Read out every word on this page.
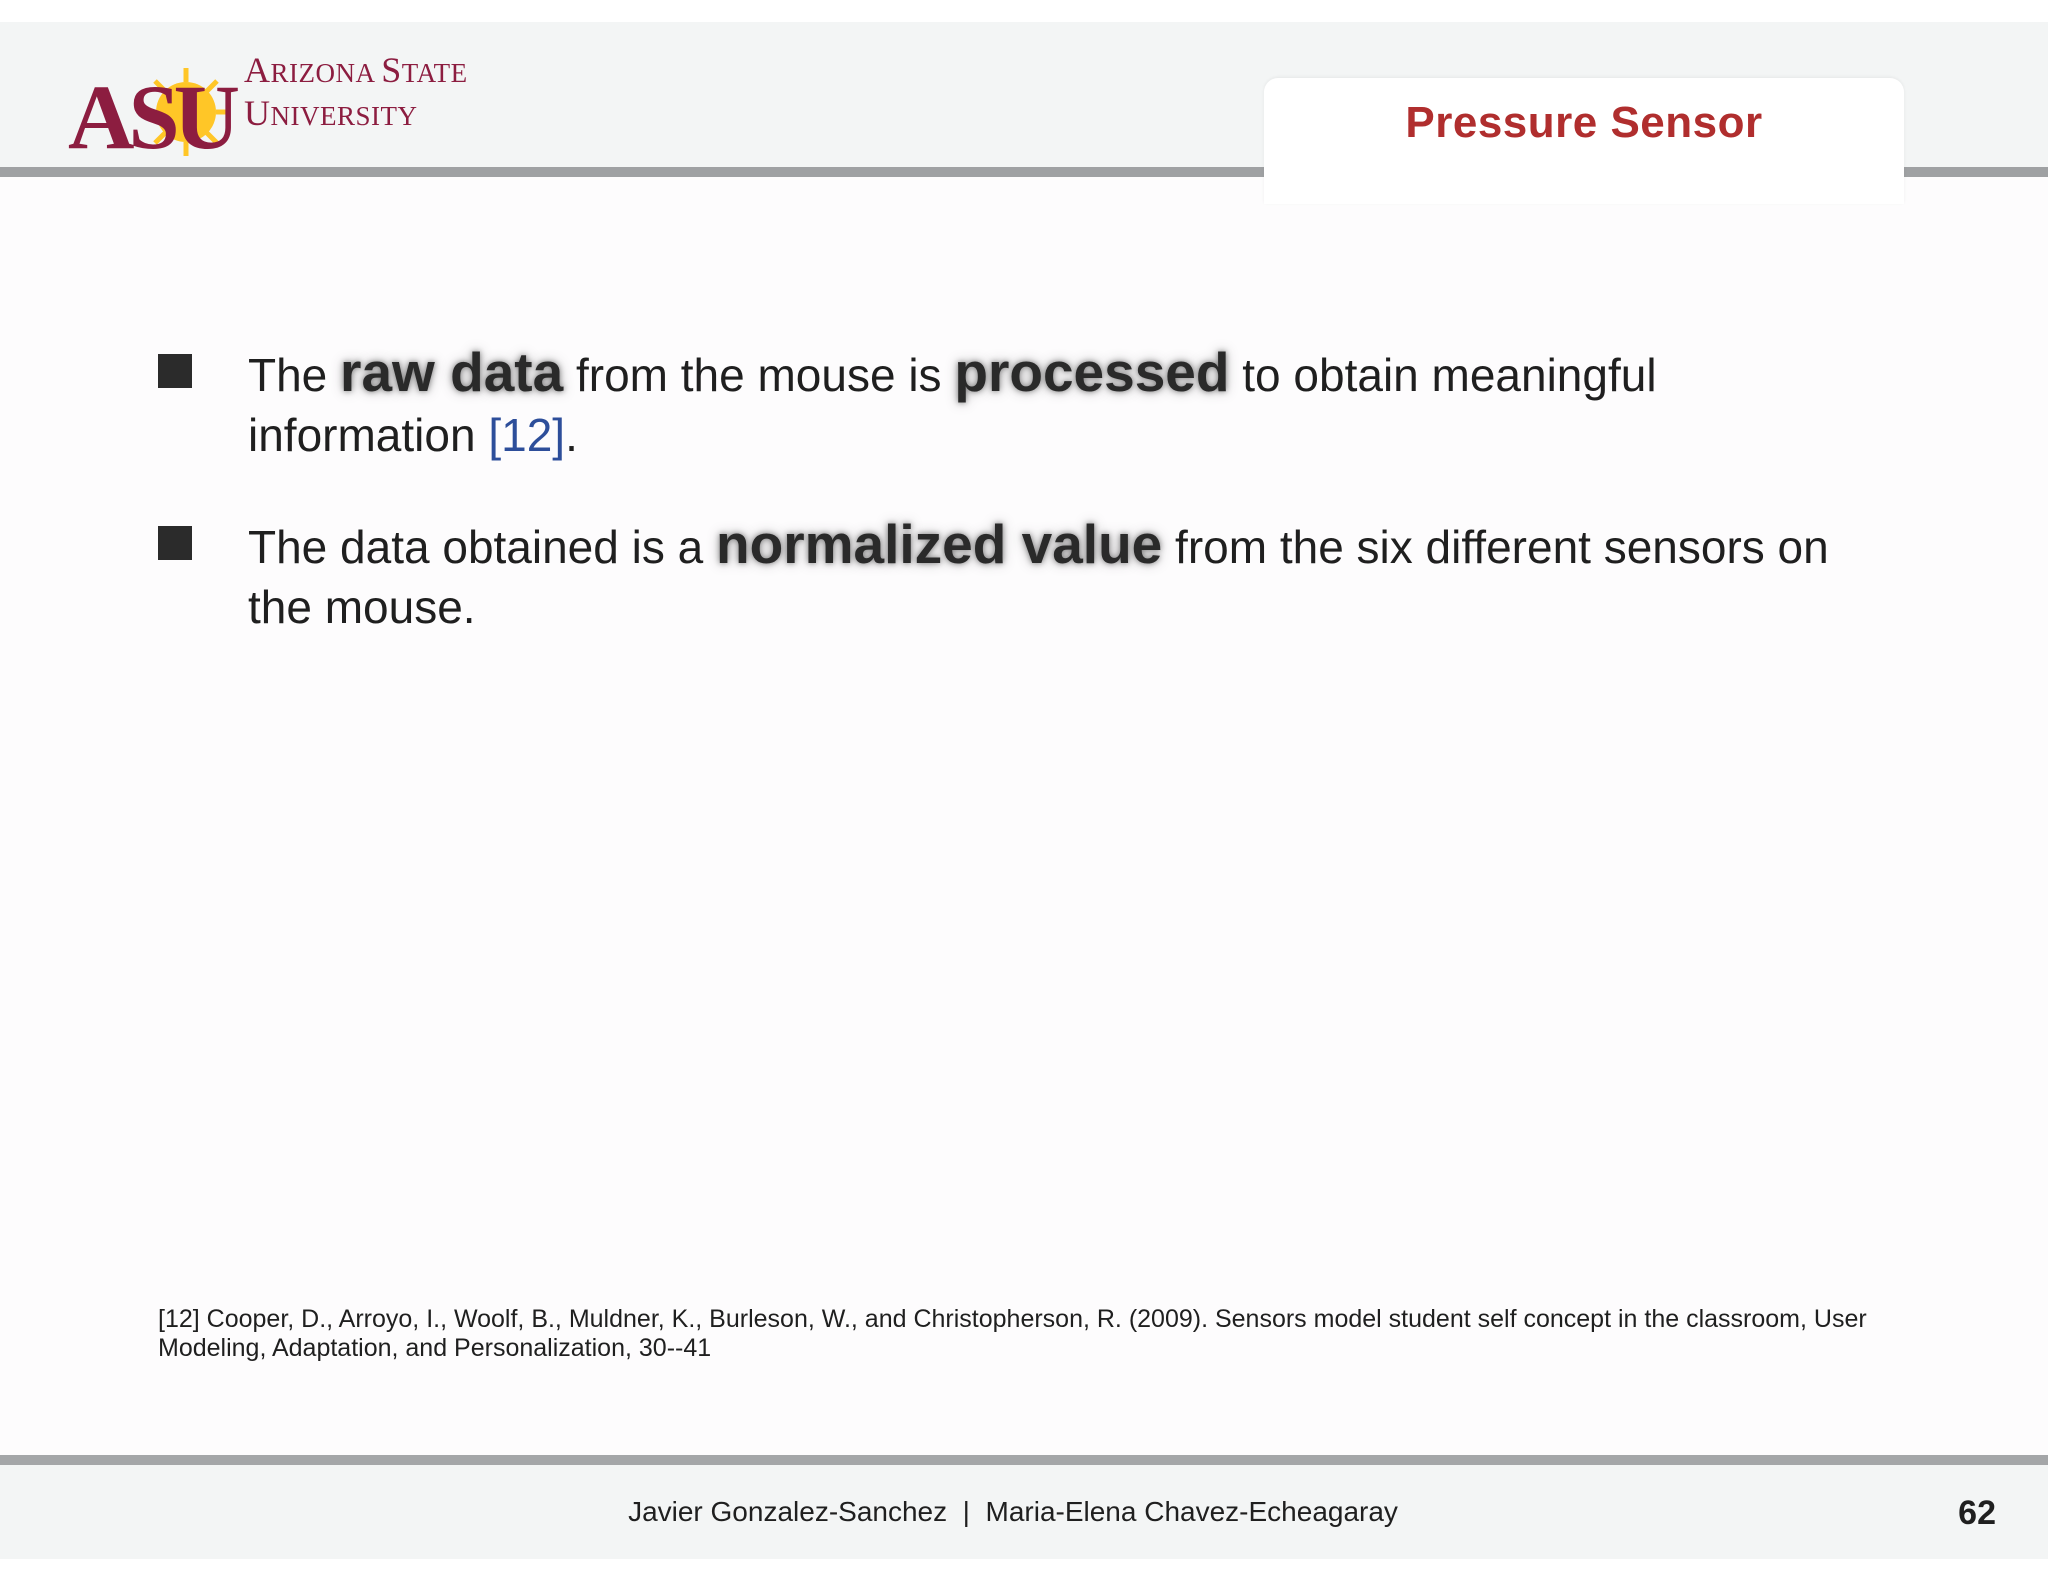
ASU ARIZONA STATE
UNIVERSITY	Pressure Sensor
The raw data from the mouse is processed to obtain meaningful information [12].
The data obtained is a normalized value from the six different sensors on the mouse.
[12] Cooper, D., Arroyo, I., Woolf, B., Muldner, K., Burleson, W., and Christopherson, R. (2009). Sensors model student self concept in the classroom, User Modeling, Adaptation, and Personalization, 30--41
Javier Gonzalez-Sanchez  |  Maria-Elena Chavez-Echeagaray	62
